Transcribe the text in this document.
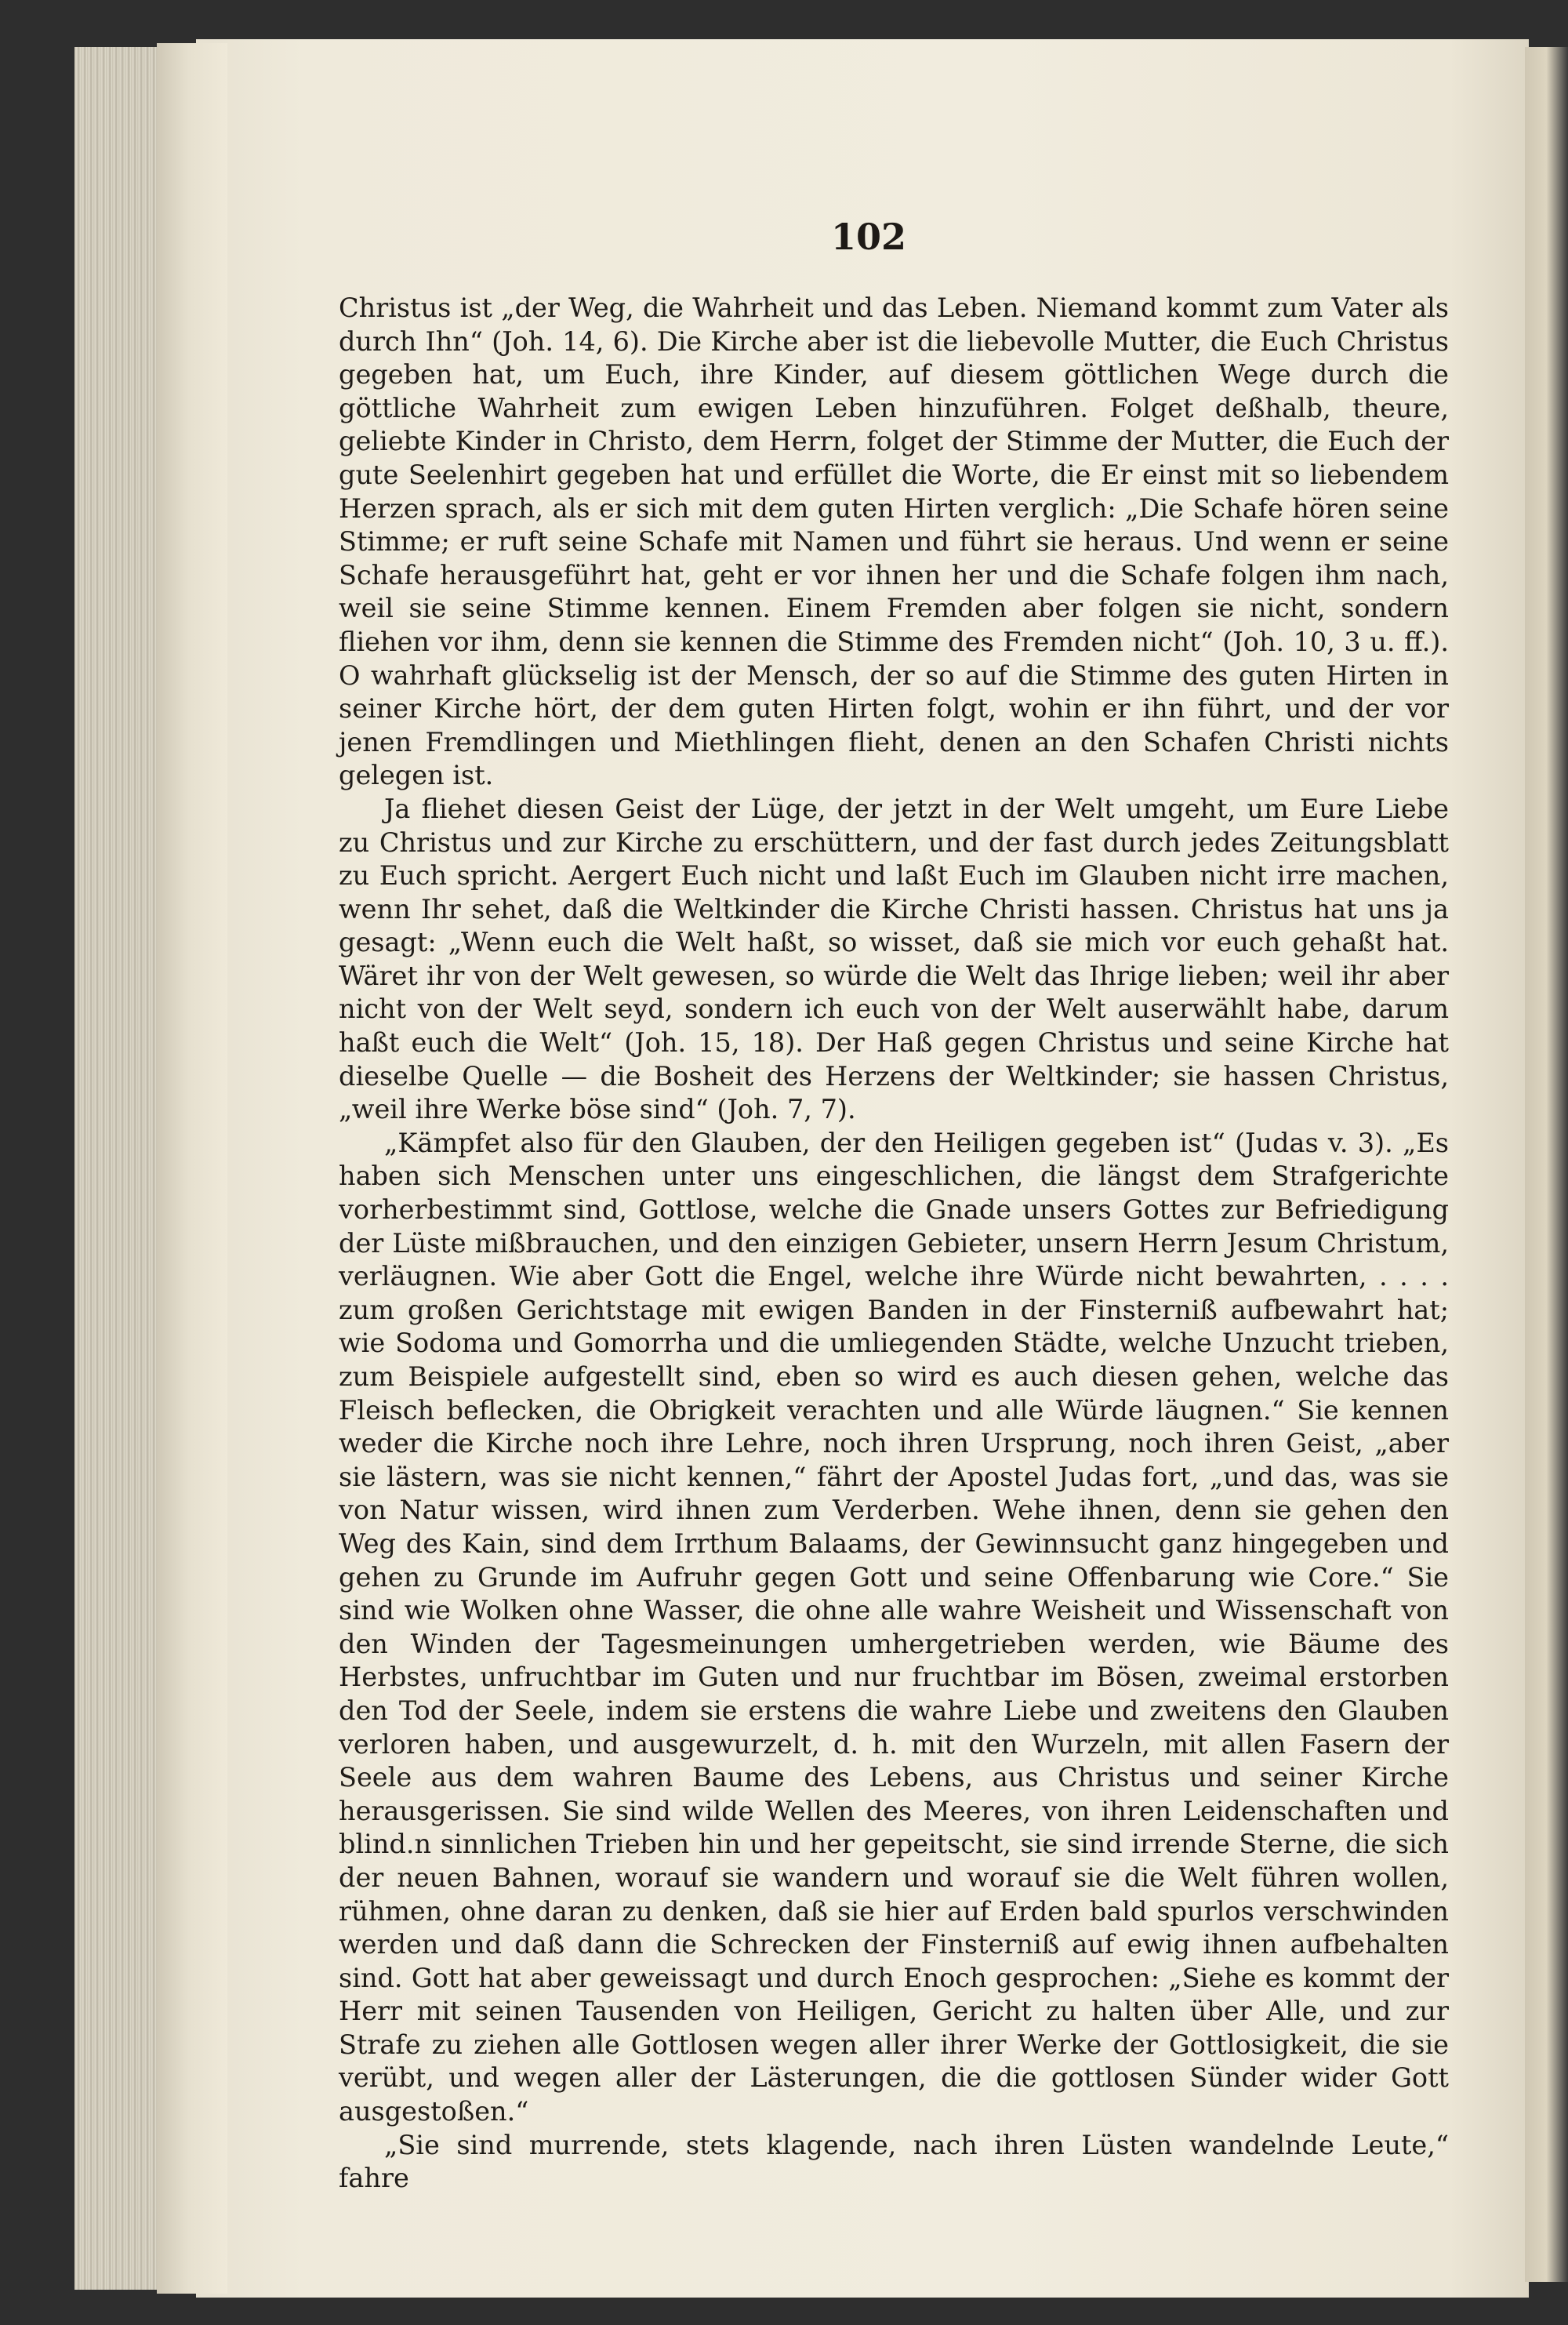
102

Christus ist „der Weg, die Wahrheit und das Leben. Niemand kommt zum Vater als durch Ihn“ (Joh. 14, 6). Die Kirche aber ist die liebevolle Mutter, die Euch Christus gegeben hat, um Euch, ihre Kinder, auf diesem göttlichen Wege durch die göttliche Wahrheit zum ewigen Leben hinzuführen. Folget deßhalb, theure, geliebte Kinder in Christo, dem Herrn, folget der Stimme der Mutter, die Euch der gute Seelenhirt gegeben hat und erfüllet die Worte, die Er einst mit so liebendem Herzen sprach, als er sich mit dem guten Hirten verglich: „Die Schafe hören seine Stimme; er ruft seine Schafe mit Namen und führt sie heraus. Und wenn er seine Schafe herausgeführt hat, geht er vor ihnen her und die Schafe folgen ihm nach, weil sie seine Stimme kennen. Einem Fremden aber folgen sie nicht, sondern fliehen vor ihm, denn sie kennen die Stimme des Fremden nicht“ (Joh. 10, 3 u. ff.). O wahrhaft glückselig ist der Mensch, der so auf die Stimme des guten Hirten in seiner Kirche hört, der dem guten Hirten folgt, wohin er ihn führt, und der vor jenen Fremdlingen und Miethlingen flieht, denen an den Schafen Christi nichts gelegen ist.

Ja fliehet diesen Geist der Lüge, der jetzt in der Welt umgeht, um Eure Liebe zu Christus und zur Kirche zu erschüttern, und der fast durch jedes Zeitungsblatt zu Euch spricht. Aergert Euch nicht und laßt Euch im Glauben nicht irre machen, wenn Ihr sehet, daß die Weltkinder die Kirche Christi hassen. Christus hat uns ja gesagt: „Wenn euch die Welt haßt, so wisset, daß sie mich vor euch gehaßt hat. Wäret ihr von der Welt gewesen, so würde die Welt das Ihrige lieben; weil ihr aber nicht von der Welt seyd, sondern ich euch von der Welt auserwählt habe, darum haßt euch die Welt“ (Joh. 15, 18). Der Haß gegen Christus und seine Kirche hat dieselbe Quelle — die Bosheit des Herzens der Weltkinder; sie hassen Christus, „weil ihre Werke böse sind“ (Joh. 7, 7).

„Kämpfet also für den Glauben, der den Heiligen gegeben ist“ (Judas v. 3). „Es haben sich Menschen unter uns eingeschlichen, die längst dem Strafgerichte vorherbestimmt sind, Gottlose, welche die Gnade unsers Gottes zur Befriedigung der Lüste mißbrauchen, und den einzigen Gebieter, unsern Herrn Jesum Christum, verläugnen. Wie aber Gott die Engel, welche ihre Würde nicht bewahrten, . . . . zum großen Gerichtstage mit ewigen Banden in der Finsterniß aufbewahrt hat; wie Sodoma und Gomorrha und die umliegenden Städte, welche Unzucht trieben, zum Beispiele aufgestellt sind, eben so wird es auch diesen gehen, welche das Fleisch beflecken, die Obrigkeit verachten und alle Würde läugnen.“ Sie kennen weder die Kirche noch ihre Lehre, noch ihren Ursprung, noch ihren Geist, „aber sie lästern, was sie nicht kennen,“ fährt der Apostel Judas fort, „und das, was sie von Natur wissen, wird ihnen zum Verderben. Wehe ihnen, denn sie gehen den Weg des Kain, sind dem Irrthum Balaams, der Gewinnsucht ganz hingegeben und gehen zu Grunde im Aufruhr gegen Gott und seine Offenbarung wie Core.“ Sie sind wie Wolken ohne Wasser, die ohne alle wahre Weisheit und Wissenschaft von den Winden der Tagesmeinungen umhergetrieben werden, wie Bäume des Herbstes, unfruchtbar im Guten und nur fruchtbar im Bösen, zweimal erstorben den Tod der Seele, indem sie erstens die wahre Liebe und zweitens den Glauben verloren haben, und ausgewurzelt, d. h. mit den Wurzeln, mit allen Fasern der Seele aus dem wahren Baume des Lebens, aus Christus und seiner Kirche herausgerissen. Sie sind wilde Wellen des Meeres, von ihren Leidenschaften und blind.n sinnlichen Trieben hin und her gepeitscht, sie sind irrende Sterne, die sich der neuen Bahnen, worauf sie wandern und worauf sie die Welt führen wollen, rühmen, ohne daran zu denken, daß sie hier auf Erden bald spurlos verschwinden werden und daß dann die Schrecken der Finsterniß auf ewig ihnen aufbehalten sind. Gott hat aber geweissagt und durch Enoch gesprochen: „Siehe es kommt der Herr mit seinen Tausenden von Heiligen, Gericht zu halten über Alle, und zur Strafe zu ziehen alle Gottlosen wegen aller ihrer Werke der Gottlosigkeit, die sie verübt, und wegen aller der Lästerungen, die die gottlosen Sünder wider Gott ausgestoßen.“

„Sie sind murrende, stets klagende, nach ihren Lüsten wandelnde Leute,“ fahre
